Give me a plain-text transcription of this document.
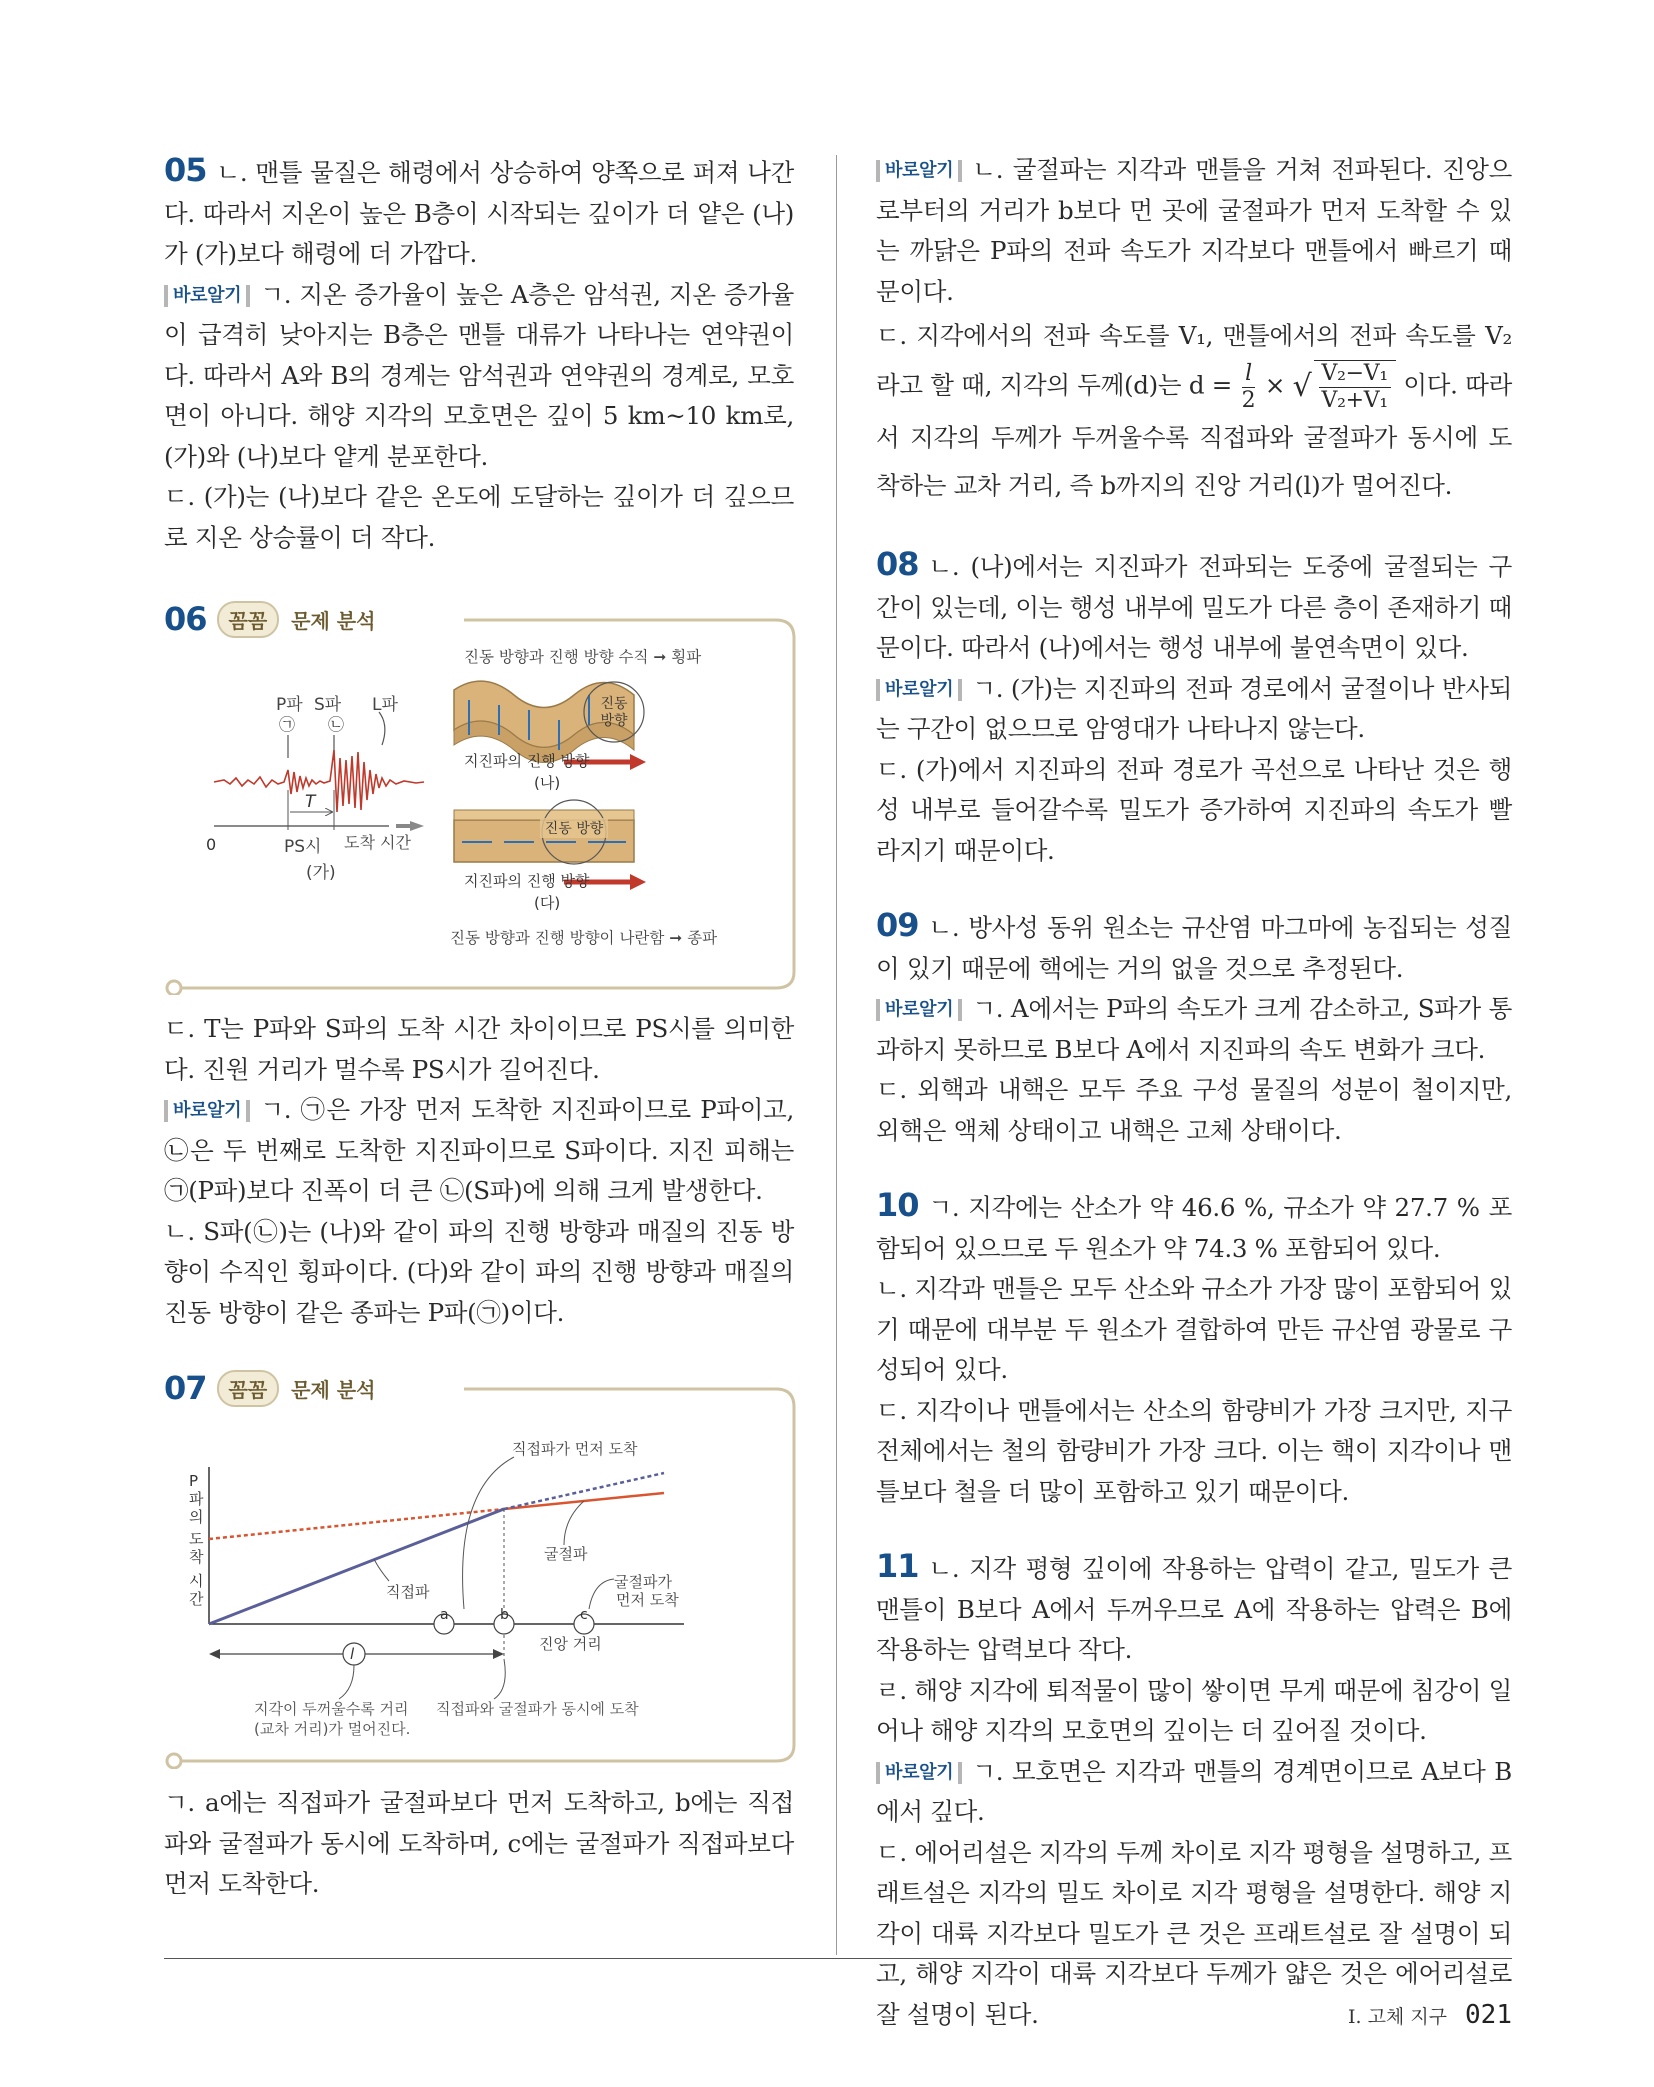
05 ㄴ. 맨틀 물질은 해령에서 상승하여 양쪽으로 퍼져 나간다. 따라서 지온이 높은 B층이 시작되는 깊이가 더 얕은 (나)가 (가)보다 해령에 더 가깝다.

바로알기 ㄱ. 지온 증가율이 높은 A층은 암석권, 지온 증가율이 급격히 낮아지는 B층은 맨틀 대류가 나타나는 연약권이다. 따라서 A와 B의 경계는 암석권과 연약권의 경계로, 모호면이 아니다. 해양 지각의 모호면은 깊이 5 km~10 km로, (가)와 (나)보다 얕게 분포한다.

ㄷ. (가)는 (나)보다 같은 온도에 도달하는 깊이가 더 깊으므로 지온 상승률이 더 작다.

06	꼼꼼	문제 분석
P파 S파 L파
㉠ ㉡
T
0	PS시 도착 시간
(가)
진동 방향과 진행 방향 수직 ➞ 횡파
진동
방향
지진파의 진행 방향
(나)
진동 방향
지진파의 진행 방향
(다)
진동 방향과 진행 방향이 나란함 ➞ 종파

ㄷ. T는 P파와 S파의 도착 시간 차이이므로 PS시를 의미한다. 진원 거리가 멀수록 PS시가 길어진다.

바로알기 ㄱ. ㉠은 가장 먼저 도착한 지진파이므로 P파이고, ㉡은 두 번째로 도착한 지진파이므로 S파이다. 지진 피해는 ㉠(P파)보다 진폭이 더 큰 ㉡(S파)에 의해 크게 발생한다.

ㄴ. S파(㉡)는 (나)와 같이 파의 진행 방향과 매질의 진동 방향이 수직인 횡파이다. (다)와 같이 파의 진행 방향과 매질의 진동 방향이 같은 종파는 P파(㉠)이다.

07	꼼꼼	문제 분석
P
파
의
도
착
시
간
직접파가 먼저 도착
굴절파
직접파
굴절파가
먼저 도착
a	b	c
진앙 거리
l
지각이 두꺼울수록 거리
(교차 거리)가 멀어진다.
직접파와 굴절파가 동시에 도착

ㄱ. a에는 직접파가 굴절파보다 먼저 도착하고, b에는 직접파와 굴절파가 동시에 도착하며, c에는 굴절파가 직접파보다 먼저 도착한다.

바로알기 ㄴ. 굴절파는 지각과 맨틀을 거쳐 전파된다. 진앙으로부터의 거리가 b보다 먼 곳에 굴절파가 먼저 도착할 수 있는 까닭은 P파의 전파 속도가 지각보다 맨틀에서 빠르기 때문이다.

ㄷ. 지각에서의 전파 속도를 V₁, 맨틀에서의 전파 속도를 V₂라고 할 때, 지각의 두께(d)는 $d = \frac{l}{2}$ × √ $\frac{\text{V₂−V₁}}{\text{V₂+V₁}}$ 이다. 따라서 지각의 두께가 두꺼울수록 직접파와 굴절파가 동시에 도착하는 교차 거리, 즉 b까지의 진앙 거리(l)가 멀어진다.

08 ㄴ. (나)에서는 지진파가 전파되는 도중에 굴절되는 구간이 있는데, 이는 행성 내부에 밀도가 다른 층이 존재하기 때문이다. 따라서 (나)에서는 행성 내부에 불연속면이 있다.

바로알기 ㄱ. (가)는 지진파의 전파 경로에서 굴절이나 반사되는 구간이 없으므로 암영대가 나타나지 않는다.

ㄷ. (가)에서 지진파의 전파 경로가 곡선으로 나타난 것은 행성 내부로 들어갈수록 밀도가 증가하여 지진파의 속도가 빨라지기 때문이다.

09 ㄴ. 방사성 동위 원소는 규산염 마그마에 농집되는 성질이 있기 때문에 핵에는 거의 없을 것으로 추정된다.

바로알기 ㄱ. A에서는 P파의 속도가 크게 감소하고, S파가 통과하지 못하므로 B보다 A에서 지진파의 속도 변화가 크다.

ㄷ. 외핵과 내핵은 모두 주요 구성 물질의 성분이 철이지만, 외핵은 액체 상태이고 내핵은 고체 상태이다.

10 ㄱ. 지각에는 산소가 약 46.6 %, 규소가 약 27.7 % 포함되어 있으므로 두 원소가 약 74.3 % 포함되어 있다.

ㄴ. 지각과 맨틀은 모두 산소와 규소가 가장 많이 포함되어 있기 때문에 대부분 두 원소가 결합하여 만든 규산염 광물로 구성되어 있다.

ㄷ. 지각이나 맨틀에서는 산소의 함량비가 가장 크지만, 지구 전체에서는 철의 함량비가 가장 크다. 이는 핵이 지각이나 맨틀보다 철을 더 많이 포함하고 있기 때문이다.

11 ㄴ. 지각 평형 깊이에 작용하는 압력이 같고, 밀도가 큰 맨틀이 B보다 A에서 두꺼우므로 A에 작용하는 압력은 B에 작용하는 압력보다 작다.

ㄹ. 해양 지각에 퇴적물이 많이 쌓이면 무게 때문에 침강이 일어나 해양 지각의 모호면의 깊이는 더 깊어질 것이다.

바로알기 ㄱ. 모호면은 지각과 맨틀의 경계면이므로 A보다 B에서 깊다.

ㄷ. 에어리설은 지각의 두께 차이로 지각 평형을 설명하고, 프래트설은 지각의 밀도 차이로 지각 평형을 설명한다. 해양 지각이 대륙 지각보다 밀도가 큰 것은 프래트설로 잘 설명이 되고, 해양 지각이 대륙 지각보다 두께가 얇은 것은 에어리설로 잘 설명이 된다.	I. 고체 지구 021
